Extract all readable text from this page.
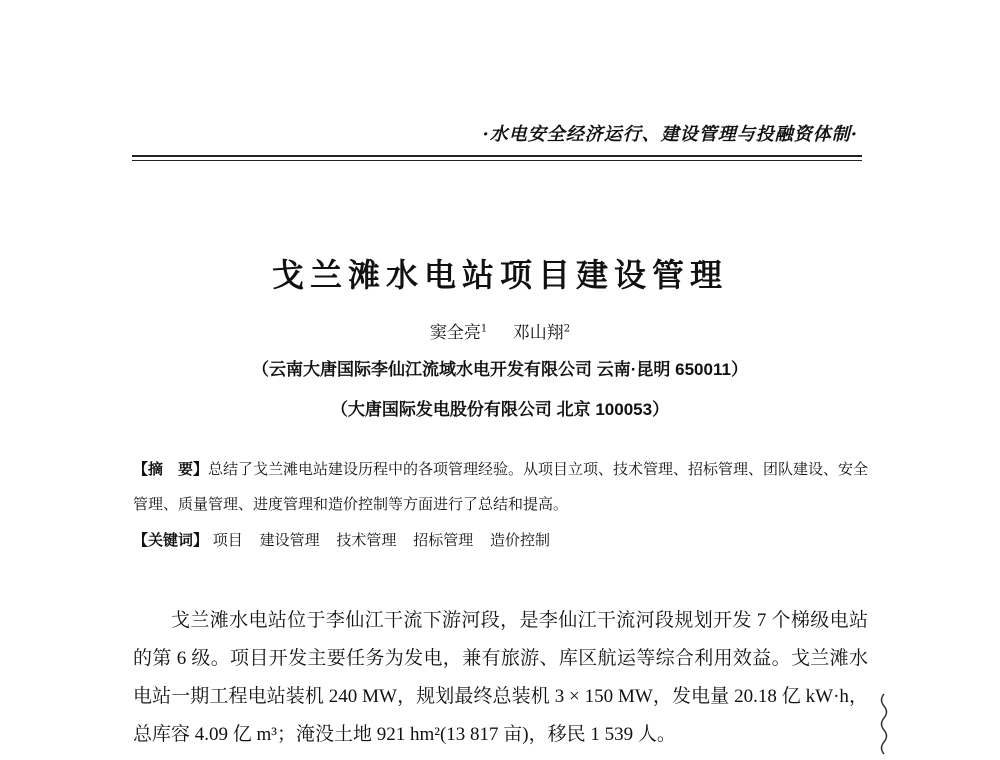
·水电安全经济运行、建设管理与投融资体制·
戈兰滩水电站项目建设管理
窦全亮$^1$ 邓山翔$^2$
（云南大唐国际李仙江流域水电开发有限公司 云南·昆明 650011）
（大唐国际发电股份有限公司 北京 100053）
【摘　要】总结了戈兰滩电站建设历程中的各项管理经验。从项目立项、技术管理、招标管理、团队建设、安全管理、质量管理、进度管理和造价控制等方面进行了总结和提高。
【关键词】 项目 建设管理 技术管理 招标管理 造价控制
戈兰滩水电站位于李仙江干流下游河段，是李仙江干流河段规划开发 7 个梯级电站的第 6 级。项目开发主要任务为发电，兼有旅游、库区航运等综合利用效益。戈兰滩水电站一期工程电站装机 240 MW，规划最终总装机 3 × 150 MW，发电量 20.18 亿 kW·h，总库容 4.09 亿 m³；淹没土地 921 hm²(13 817 亩)，移民 1 539 人。
